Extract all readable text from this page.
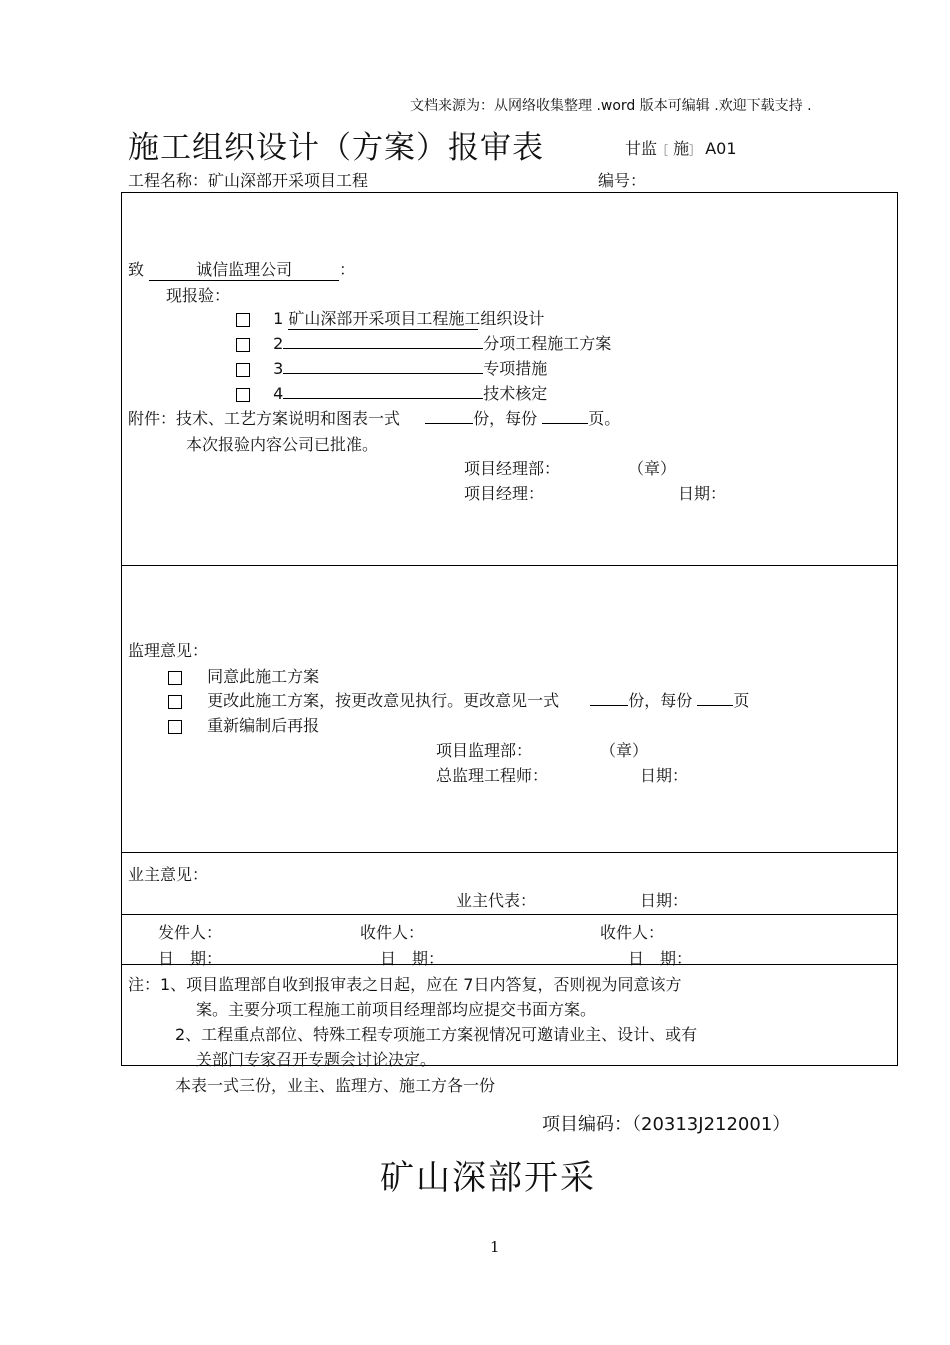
文档来源为：从网络收集整理 .word 版本可编辑 .欢迎下载支持 .
施工组织设计（方案）报审表	甘监［ 施］ A01
工程名称：矿山深部开采项目工程	编号：
致	诚信监理公司	：
现报验：
1 矿山深部开采项目工程施工组织设计
2	分项工程施工方案
3	专项措施
4	技术核定
附件：技术、工艺方案说明和图表一式	份，每份	页。
本次报验内容公司已批准。
项目经理部：	（章）
项目经理：	日期：
监理意见：
同意此施工方案
更改此施工方案，按更改意见执行。更改意见一式	份，每份	页
重新编制后再报
项目监理部：	（章）
总监理工程师：	日期：
业主意见：
业主代表：	日期：
发件人：	收件人：	收件人：
日　期：	日　期：	日　期：
注：1、项目监理部自收到报审表之日起，应在 7日内答复，否则视为同意该方
案。主要分项工程施工前项目经理部均应提交书面方案。
2、工程重点部位、特殊工程专项施工方案视情况可邀请业主、设计、或有
关部门专家召开专题会讨论决定。
本表一式三份，业主、监理方、施工方各一份
项目编码：（20313J212001）
矿山深部开采
1
